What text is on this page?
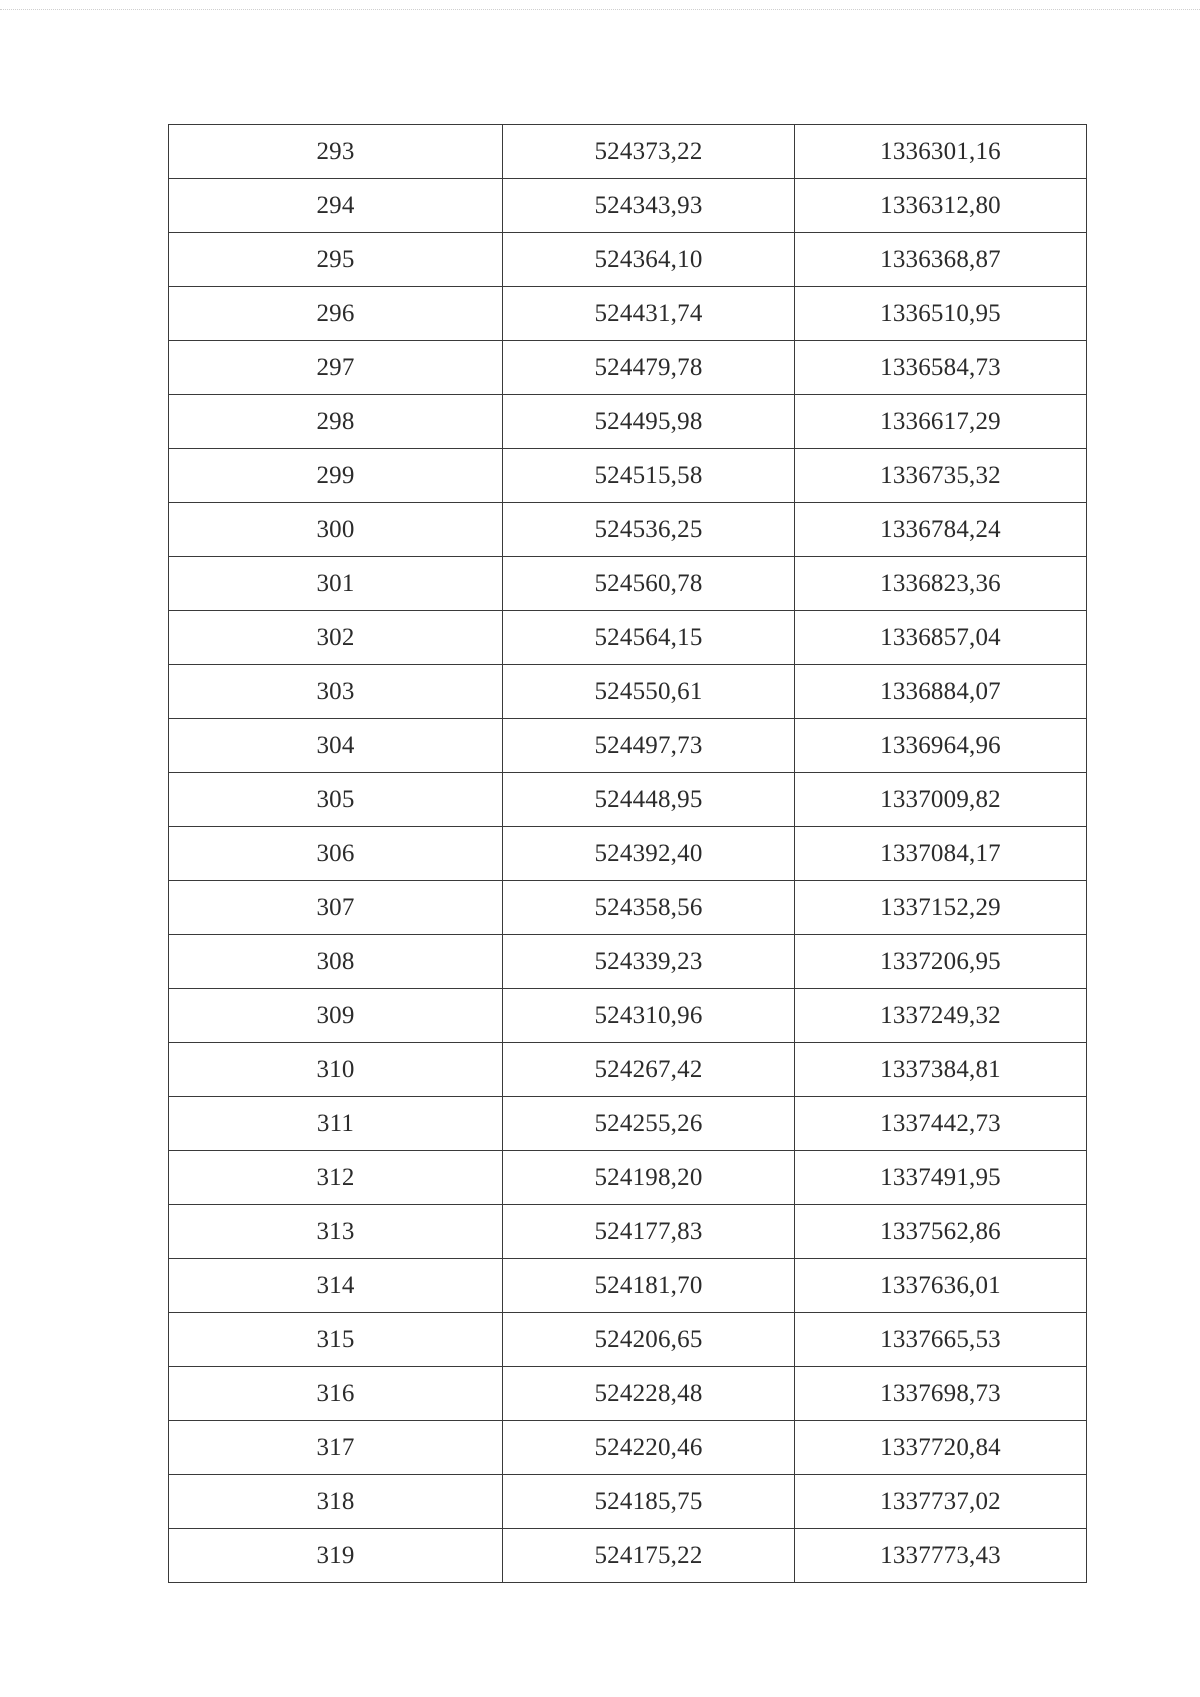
293	524373,22	1336301,16
294	524343,93	1336312,80
295	524364,10	1336368,87
296	524431,74	1336510,95
297	524479,78	1336584,73
298	524495,98	1336617,29
299	524515,58	1336735,32
300	524536,25	1336784,24
301	524560,78	1336823,36
302	524564,15	1336857,04
303	524550,61	1336884,07
304	524497,73	1336964,96
305	524448,95	1337009,82
306	524392,40	1337084,17
307	524358,56	1337152,29
308	524339,23	1337206,95
309	524310,96	1337249,32
310	524267,42	1337384,81
311	524255,26	1337442,73
312	524198,20	1337491,95
313	524177,83	1337562,86
314	524181,70	1337636,01
315	524206,65	1337665,53
316	524228,48	1337698,73
317	524220,46	1337720,84
318	524185,75	1337737,02
319	524175,22	1337773,43
